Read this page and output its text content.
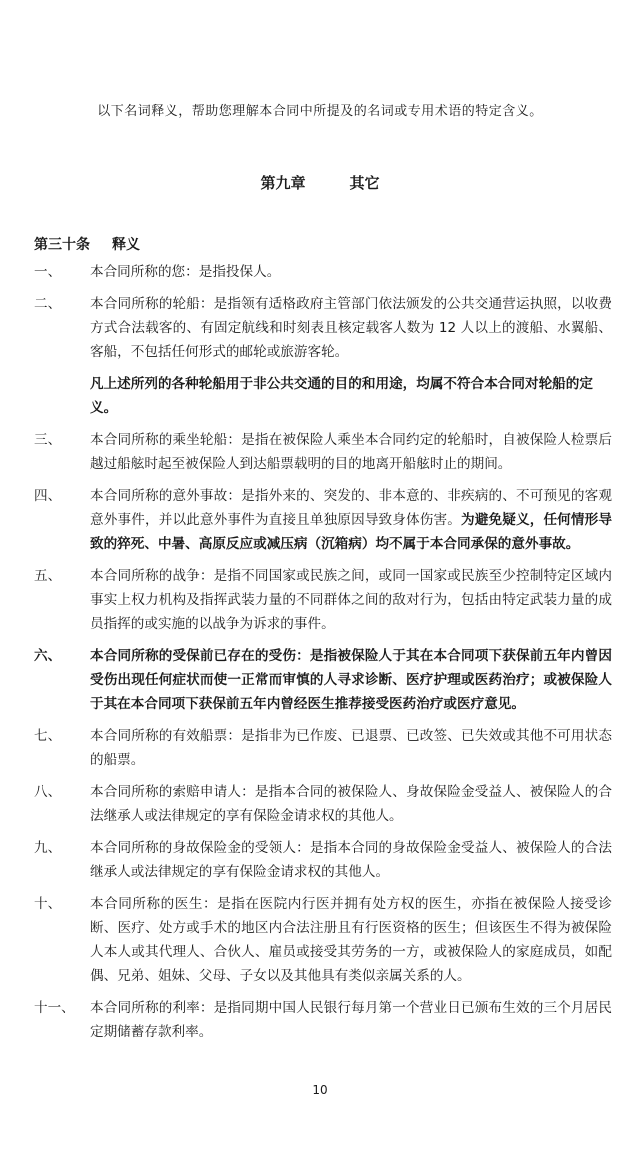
以下名词释义，帮助您理解本合同中所提及的名词或专用术语的特定含义。
第九章	其它
第三十条 释义
一、	本合同所称的您：是指投保人。
二、	本合同所称的轮船：是指领有适格政府主管部门依法颁发的公共交通营运执照，以收费方式合法载客的、有固定航线和时刻表且核定载客人数为 12 人以上的渡船、水翼船、客船，不包括任何形式的邮轮或旅游客轮。
凡上述所列的各种轮船用于非公共交通的目的和用途，均属不符合本合同对轮船的定义。
三、	本合同所称的乘坐轮船：是指在被保险人乘坐本合同约定的轮船时，自被保险人检票后越过船舷时起至被保险人到达船票载明的目的地离开船舷时止的期间。
四、	本合同所称的意外事故：是指外来的、突发的、非本意的、非疾病的、不可预见的客观意外事件，并以此意外事件为直接且单独原因导致身体伤害。为避免疑义，任何情形导致的猝死、中暑、高原反应或减压病（沉箱病）均不属于本合同承保的意外事故。
五、	本合同所称的战争：是指不同国家或民族之间，或同一国家或民族至少控制特定区域内事实上权力机构及指挥武装力量的不同群体之间的敌对行为，包括由特定武装力量的成员指挥的或实施的以战争为诉求的事件。
六、	本合同所称的受保前已存在的受伤：是指被保险人于其在本合同项下获保前五年内曾因受伤出现任何症状而使一正常而审慎的人寻求诊断、医疗护理或医药治疗；或被保险人于其在本合同项下获保前五年内曾经医生推荐接受医药治疗或医疗意见。
七、	本合同所称的有效船票：是指非为已作废、已退票、已改签、已失效或其他不可用状态的船票。
八、	本合同所称的索赔申请人：是指本合同的被保险人、身故保险金受益人、被保险人的合法继承人或法律规定的享有保险金请求权的其他人。
九、	本合同所称的身故保险金的受领人：是指本合同的身故保险金受益人、被保险人的合法继承人或法律规定的享有保险金请求权的其他人。
十、	本合同所称的医生：是指在医院内行医并拥有处方权的医生，亦指在被保险人接受诊断、医疗、处方或手术的地区内合法注册且有行医资格的医生；但该医生不得为被保险人本人或其代理人、合伙人、雇员或接受其劳务的一方，或被保险人的家庭成员，如配偶、兄弟、姐妹、父母、子女以及其他具有类似亲属关系的人。
十一、	本合同所称的利率：是指同期中国人民银行每月第一个营业日已颁布生效的三个月居民定期储蓄存款利率。
10
